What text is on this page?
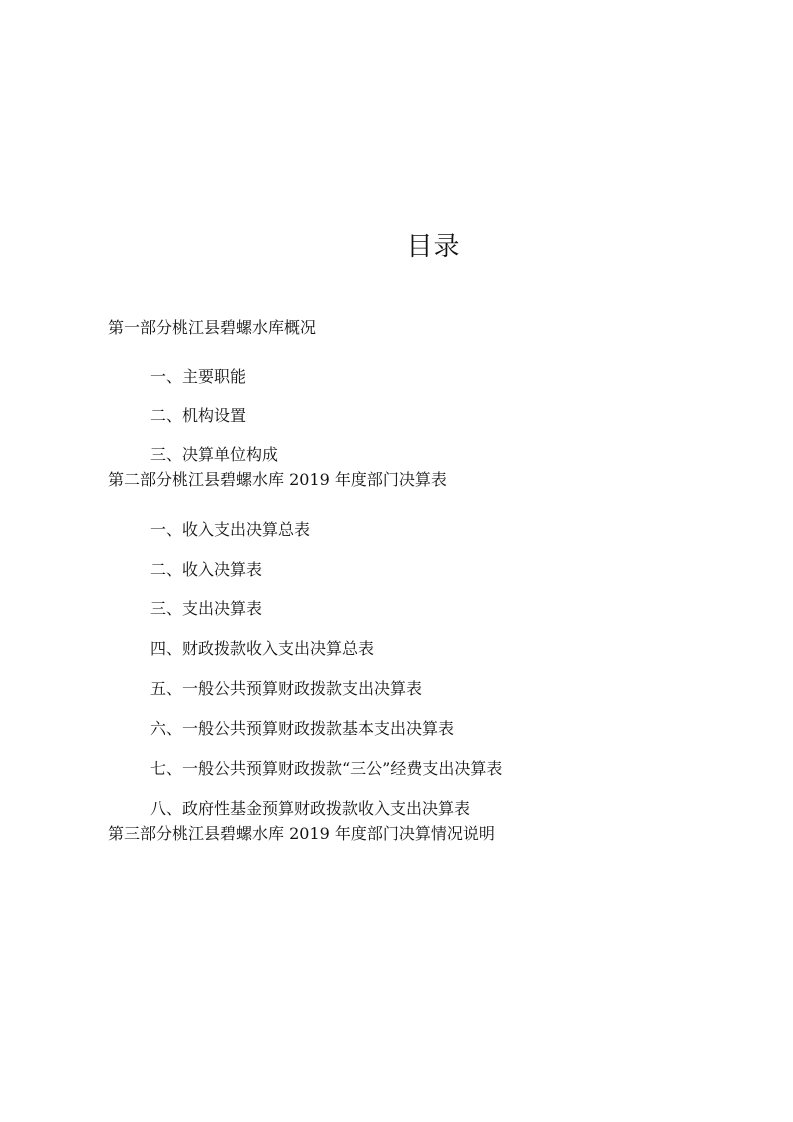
目录
第一部分桃江县碧螺水库概况
一、主要职能
二、机构设置
三、决算单位构成
第二部分桃江县碧螺水库 2019 年度部门决算表
一、收入支出决算总表
二、收入决算表
三、支出决算表
四、财政拨款收入支出决算总表
五、一般公共预算财政拨款支出决算表
六、一般公共预算财政拨款基本支出决算表
七、一般公共预算财政拨款“三公”经费支出决算表
八、政府性基金预算财政拨款收入支出决算表
第三部分桃江县碧螺水库 2019 年度部门决算情况说明
